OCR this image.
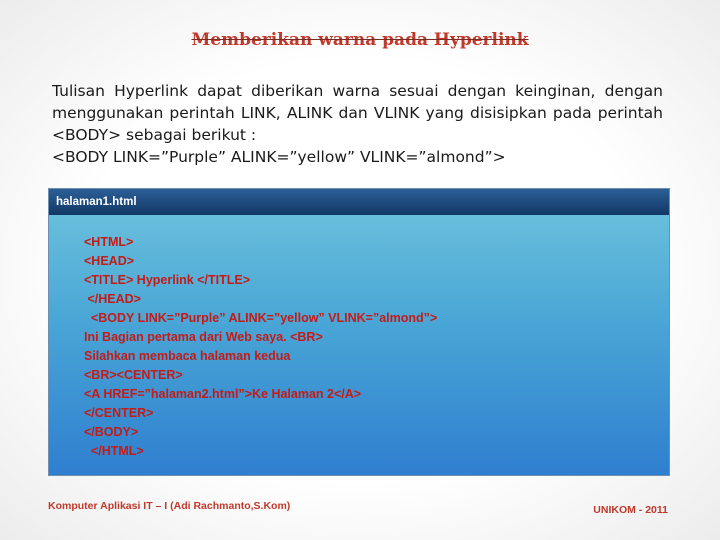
Memberikan warna pada Hyperlink

Tulisan Hyperlink dapat diberikan warna sesuai dengan keinginan, dengan menggunakan perintah LINK, ALINK dan VLINK yang disisipkan pada perintah <BODY> sebagai berikut :

<BODY LINK=”Purple” ALINK=”yellow” VLINK=”almond”>

halaman1.html
<HTML>
<HEAD>
<TITLE> Hyperlink </TITLE>
</HEAD>
<BODY LINK=”Purple” ALINK=”yellow” VLINK=”almond”>
Ini Bagian pertama dari Web saya. <BR>
Silahkan membaca halaman kedua
<BR><CENTER>
<A HREF=”halaman2.html”>Ke Halaman 2</A>
</CENTER>
</BODY>
</HTML>
Komputer Aplikasi IT – I (Adi Rachmanto,S.Kom)	UNIKOM - 2011
